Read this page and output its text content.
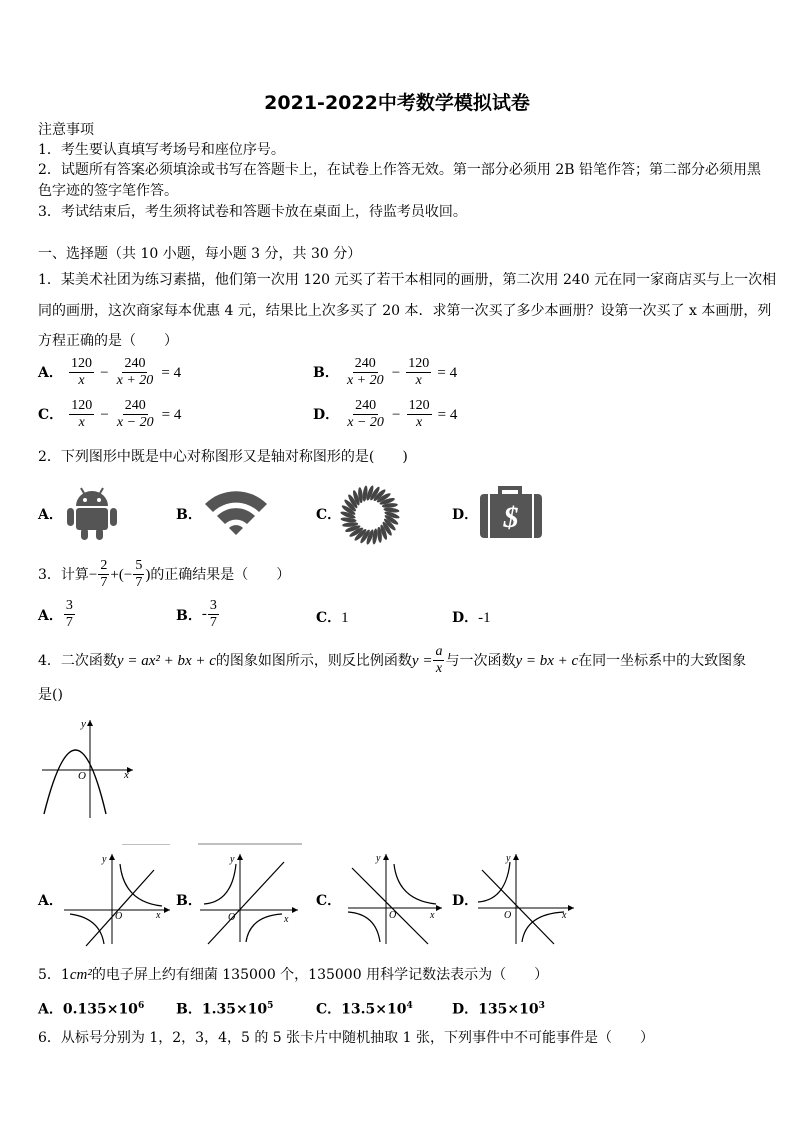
2021-2022中考数学模拟试卷
注意事项
1．考生要认真填写考场号和座位序号。
2．试题所有答案必须填涂或书写在答题卡上，在试卷上作答无效。第一部分必须用 2B 铅笔作答；第二部分必须用黑
色字迹的签字笔作答。
3．考试结束后，考生须将试卷和答题卡放在桌面上，待监考员收回。
一、选择题（共 10 小题，每小题 3 分，共 30 分）
1．某美术社团为练习素描，他们第一次用 120 元买了若干本相同的画册，第二次用 240 元在同一家商店买与上一次相
同的画册，这次商家每本优惠 4 元，结果比上次多买了 20 本．求第一次买了多少本画册？设第一次买了 x 本画册，列
方程正确的是（　　）
A． $\frac{120}{x} - \frac{240}{x + 20} = 4$	B． $\frac{240}{x + 20} - \frac{120}{x} = 4$
C． $\frac{120}{x} - \frac{240}{x - 20} = 4$	D． $\frac{240}{x - 20} - \frac{120}{x} = 4$
2．下列图形中既是中心对称图形又是轴对称图形的是(　　)
A．	B．	C．	D． $
3．计算 − $\frac{2}{7}$ +(− $\frac{5}{7}$ ) 的正确结果是（　　）
A． $\frac{3}{7}$	B． - $\frac{3}{7}$	C．1	D．-1
4．二次函数 y = ax² + bx + c 的图象如图所示，则反比例函数 $y = \frac{a}{x}$ 与一次函数 y = bx + c 在同一坐标系中的大致图象
是()
x
y
O
A．
x
y
O
B．
x
y
O
C．
x
y
O
D．
x
y
O
5．1cm²的电子屏上约有细菌 135000 个，135000 用科学记数法表示为（　　）
A．$0.135\times 10^6$ B．$1.35\times 10^5$	C．$13.5\times 10^4$	D．$135\times 10^3$
6．从标号分别为 1，2，3，4，5 的 5 张卡片中随机抽取 1 张，下列事件中不可能事件是（　　）
